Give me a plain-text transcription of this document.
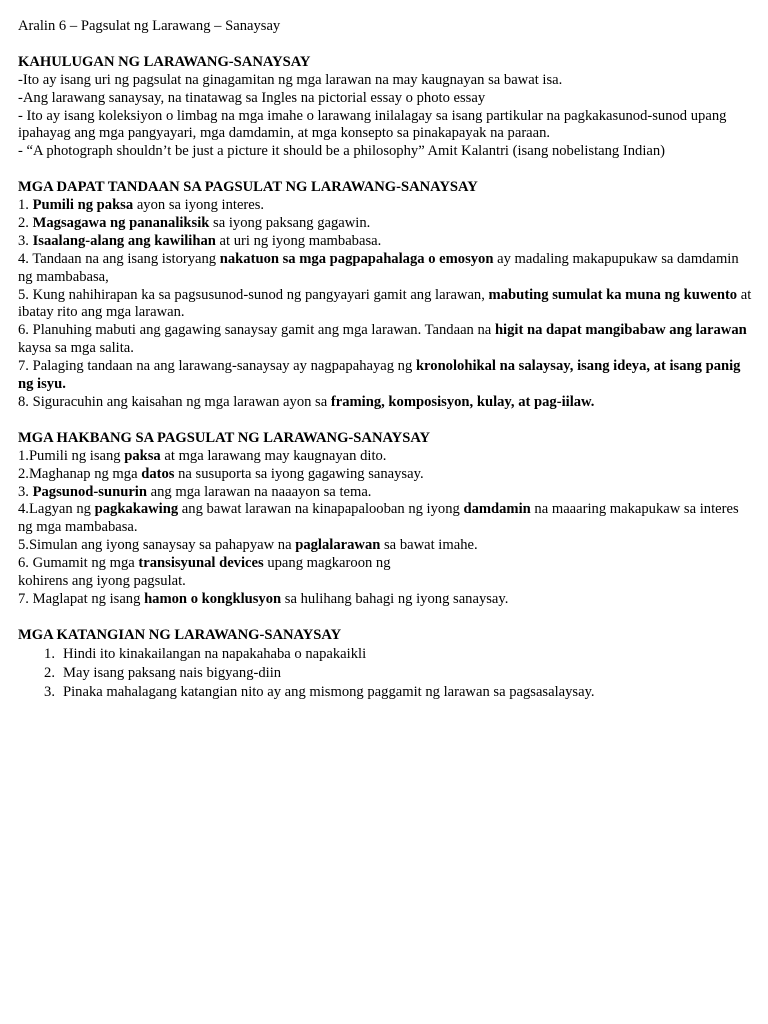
Aralin 6 – Pagsulat ng Larawang – Sanaysay

KAHULUGAN NG LARAWANG-SANAYSAY

-Ito ay isang uri ng pagsulat na ginagamitan ng mga larawan na may kaugnayan sa bawat isa.

-Ang larawang sanaysay, na tinatawag sa Ingles na pictorial essay o photo essay

- Ito ay isang koleksiyon o limbag na mga imahe o larawang inilalagay sa isang partikular na pagkakasunod-sunod upang ipahayag ang mga pangyayari, mga damdamin, at mga konsepto sa pinakapayak na paraan.

- “A photograph shouldn’t be just a picture it should be a philosophy” Amit Kalantri (isang nobelistang Indian)

MGA DAPAT TANDAAN SA PAGSULAT NG LARAWANG-SANAYSAY

1. Pumili ng paksa ayon sa iyong interes.

2. Magsagawa ng pananaliksik sa iyong paksang gagawin.

3. Isaalang-alang ang kawilihan at uri ng iyong mambabasa.

4. Tandaan na ang isang istoryang nakatuon sa mga pagpapahalaga o emosyon ay madaling makapupukaw sa damdamin ng mambabasa,

5. Kung nahihirapan ka sa pagsusunod-sunod ng pangyayari gamit ang larawan, mabuting sumulat ka muna ng kuwento at ibatay rito ang mga larawan.

6. Planuhing mabuti ang gagawing sanaysay gamit ang mga larawan. Tandaan na higit na dapat mangibabaw ang larawan kaysa sa mga salita.

7. Palaging tandaan na ang larawang-sanaysay ay nagpapahayag ng kronolohikal na salaysay, isang ideya, at isang panig ng isyu.

8. Siguracuhin ang kaisahan ng mga larawan ayon sa framing, komposisyon, kulay, at pag-iilaw.

MGA HAKBANG SA PAGSULAT NG LARAWANG-SANAYSAY

1.Pumili ng isang paksa at mga larawang may kaugnayan dito.

2.Maghanap ng mga datos na susuporta sa iyong gagawing sanaysay.

3. Pagsunod-sunurin ang mga larawan na naaayon sa tema.

4.Lagyan ng pagkakawing ang bawat larawan na kinapapalooban ng iyong damdamin na maaaring makapukaw sa interes ng mga mambabasa.

5.Simulan ang iyong sanaysay sa pahapyaw na paglalarawan sa bawat imahe.

6. Gumamit ng mga transisyunal devices upang magkaroon ng
kohirens ang iyong pagsulat.

7. Maglapat ng isang hamon o kongklusyon sa hulihang bahagi ng iyong sanaysay.

MGA KATANGIAN NG LARAWANG-SANAYSAY
1. Hindi ito kinakailangan na napakahaba o napakaikli
2. May isang paksang nais bigyang-diin
3. Pinaka mahalagang katangian nito ay ang mismong paggamit ng larawan sa pagsasalaysay.
